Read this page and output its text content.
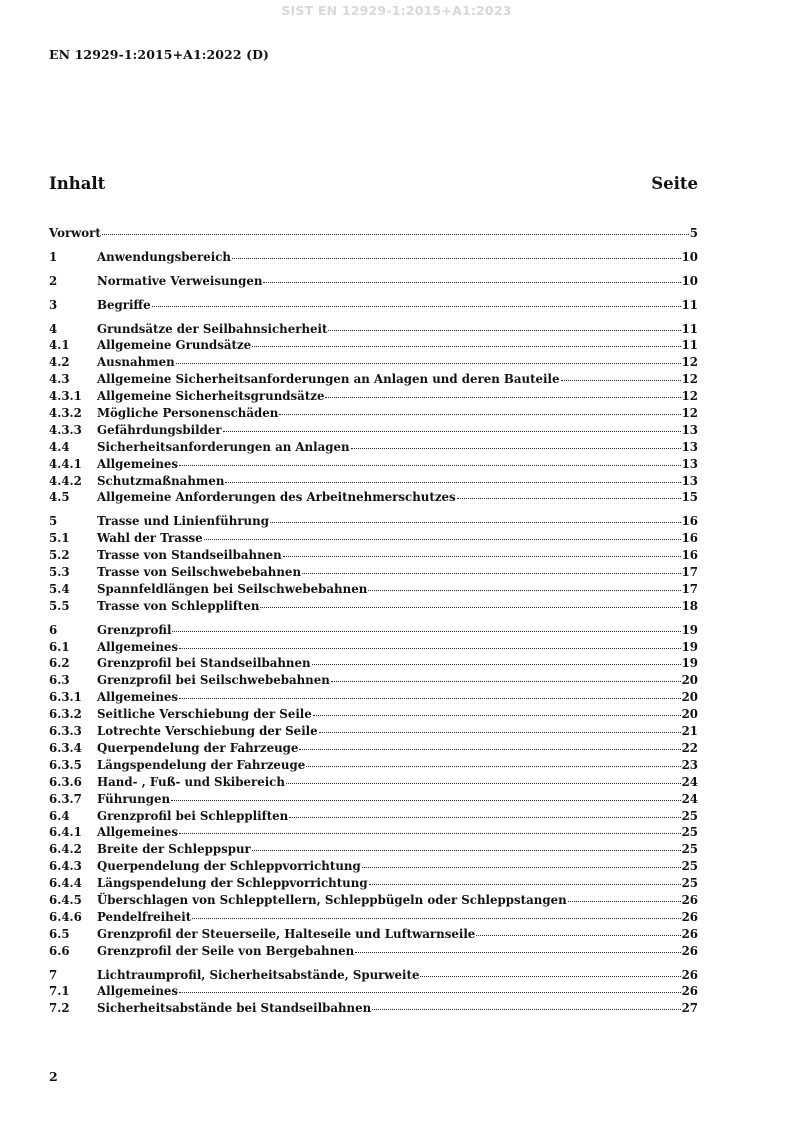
SIST EN 12929-1:2015+A1:2023
EN 12929-1:2015+A1:2022 (D)
Inhalt	Seite
Vorwort	5
1	Anwendungsbereich	10
2	Normative Verweisungen	10
3	Begriffe	11
4	Grundsätze der Seilbahnsicherheit	11
4.1	Allgemeine Grundsätze	11
4.2	Ausnahmen	12
4.3	Allgemeine Sicherheitsanforderungen an Anlagen und deren Bauteile	12
4.3.1	Allgemeine Sicherheitsgrundsätze	12
4.3.2	Mögliche Personenschäden	12
4.3.3	Gefährdungsbilder	13
4.4	Sicherheitsanforderungen an Anlagen	13
4.4.1	Allgemeines	13
4.4.2	Schutzmaßnahmen	13
4.5	Allgemeine Anforderungen des Arbeitnehmerschutzes	15
5	Trasse und Linienführung	16
5.1	Wahl der Trasse	16
5.2	Trasse von Standseilbahnen	16
5.3	Trasse von Seilschwebebahnen	17
5.4	Spannfeldlängen bei Seilschwebebahnen	17
5.5	Trasse von Schleppliften	18
6	Grenzprofil	19
6.1	Allgemeines	19
6.2	Grenzprofil bei Standseilbahnen	19
6.3	Grenzprofil bei Seilschwebebahnen	20
6.3.1	Allgemeines	20
6.3.2	Seitliche Verschiebung der Seile	20
6.3.3	Lotrechte Verschiebung der Seile	21
6.3.4	Querpendelung der Fahrzeuge	22
6.3.5	Längspendelung der Fahrzeuge	23
6.3.6	Hand- , Fuß- und Skibereich	24
6.3.7	Führungen	24
6.4	Grenzprofil bei Schleppliften	25
6.4.1	Allgemeines	25
6.4.2	Breite der Schleppspur	25
6.4.3	Querpendelung der Schleppvorrichtung	25
6.4.4	Längspendelung der Schleppvorrichtung	25
6.4.5	Überschlagen von Schlepptellern, Schleppbügeln oder Schleppstangen	26
6.4.6	Pendelfreiheit	26
6.5	Grenzprofil der Steuerseile, Halteseile und Luftwarnseile	26
6.6	Grenzprofil der Seile von Bergebahnen	26
7	Lichtraumprofil, Sicherheitsabstände, Spurweite	26
7.1	Allgemeines	26
7.2	Sicherheitsabstände bei Standseilbahnen	27
2
